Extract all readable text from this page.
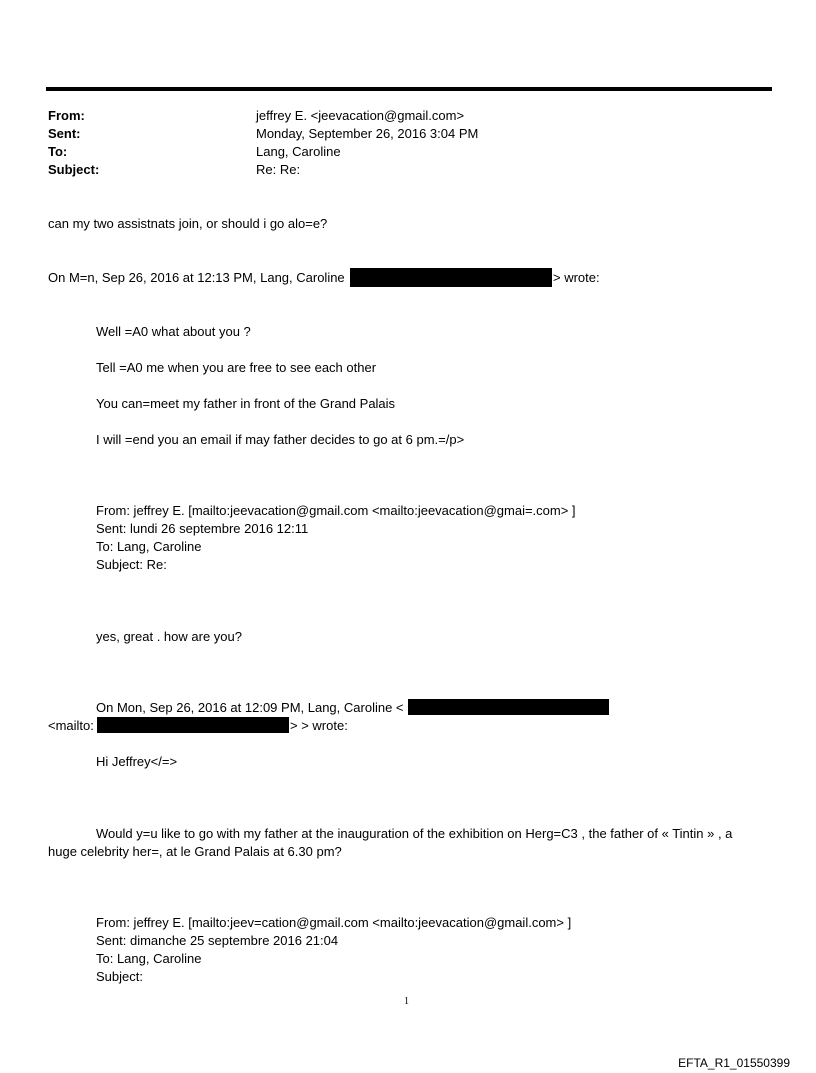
From:	jeffrey E. <jeevacation@gmail.com>
Sent:	Monday, September 26, 2016 3:04 PM
To:	Lang, Caroline
Subject:	Re: Re:
can my two assistnats join, or should i go alo=e?
On M=n, Sep 26, 2016 at 12:13 PM, Lang, Caroline	> wrote:
Well =A0 what about you ?
Tell =A0 me when you are free to see each other
You can=meet my father in front of the Grand Palais
I will =end you an email if may father decides to go at 6 pm.=/p>
From: jeffrey E. [mailto:jeevacation@gmail.com <mailto:jeevacation@gmai=.com> ]
Sent: lundi 26 septembre 2016 12:11
To: Lang, Caroline
Subject: Re:
yes, great . how are you?
On Mon, Sep 26, 2016 at 12:09 PM, Lang, Caroline <
<mailto:	> > wrote:
Hi Jeffrey</=>
Would y=u like to go with my father at the inauguration of the exhibition on Herg=C3 , the father of « Tintin » , a
huge celebrity her=, at le Grand Palais at 6.30 pm?
From: jeffrey E. [mailto:jeev=cation@gmail.com <mailto:jeevacation@gmail.com> ]
Sent: dimanche 25 septembre 2016 21:04
To: Lang, Caroline
Subject:
1
EFTA_R1_01550399
